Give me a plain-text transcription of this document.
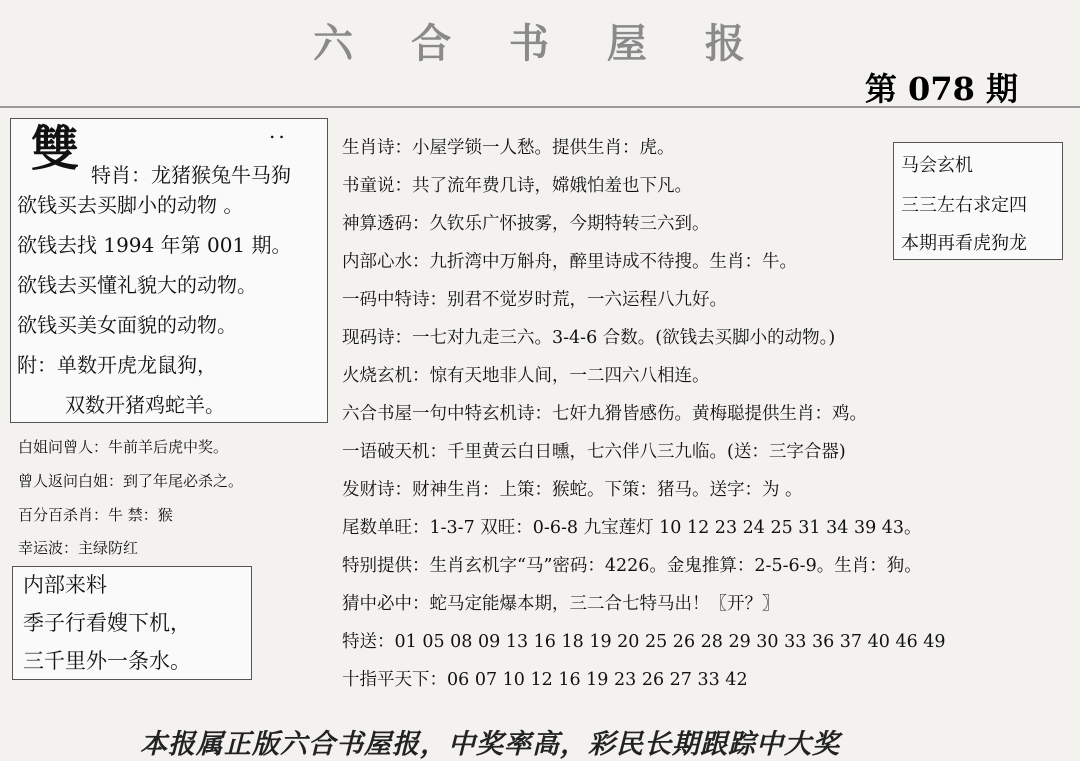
六 合 书 屋 报
第 078 期
雙	..
特肖：龙猪猴兔牛马狗
欲钱买去买脚小的动物 。
欲钱去找 1994 年第 001 期。
欲钱去买懂礼貌大的动物。
欲钱买美女面貌的动物。
附：单数开虎龙鼠狗，
双数开猪鸡蛇羊。
白姐问曾人：牛前羊后虎中奖。
曾人返问白姐：到了年尾必杀之。
百分百杀肖：牛 禁：猴
幸运波：主绿防红
内部来料
季子行看嫂下机，
三千里外一条水。
马会玄机
三三左右求定四
本期再看虎狗龙
生肖诗：小屋学锁一人愁。提供生肖：虎。
书童说：共了流年费几诗，嫦娥怕羞也下凡。
神算透码：久钦乐广怀披雾，今期特转三六到。
内部心水：九折湾中万斛舟，醉里诗成不待搜。生肖：牛。
一码中特诗：别君不觉岁时荒，一六运程八九好。
现码诗：一七对九走三六。3-4-6 合数。(欲钱去买脚小的动物。)
火烧玄机：惊有天地非人间，一二四六八相连。
六合书屋一句中特玄机诗：七奸九猾皆感伤。黄梅聪提供生肖：鸡。
一语破天机：千里黄云白日曛，七六伴八三九临。(送：三字合器)
发财诗：财神生肖：上策：猴蛇。下策：猪马。送字：为 。
尾数单旺：1-3-7 双旺：0-6-8 九宝莲灯 10 12 23 24 25 31 34 39 43。
特别提供：生肖玄机字“马”密码：4226。金鬼推算：2-5-6-9。生肖：狗。
猜中必中：蛇马定能爆本期，三二合七特马出！〖开？〗
特送：01 05 08 09 13 16 18 19 20 25 26 28 29 30 33 36 37 40 46 49
十指平天下：06 07 10 12 16 19 23 26 27 33 42
本报属正版六合书屋报，中奖率高，彩民长期跟踪中大奖
